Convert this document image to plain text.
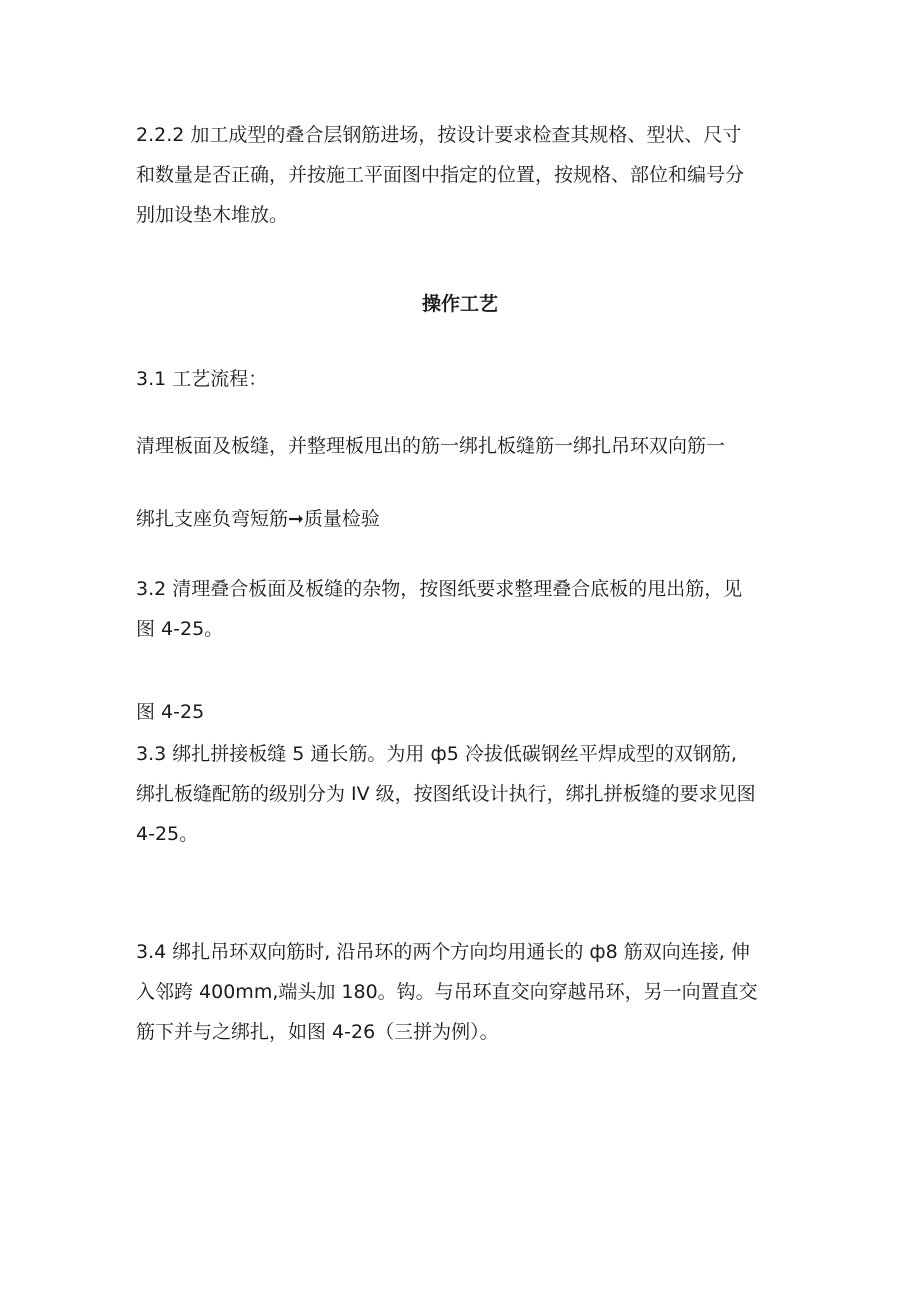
2.2.2 加工成型的叠合层钢筋进场，按设计要求检查其规格、型状、尺寸
和数量是否正确，并按施工平面图中指定的位置，按规格、部位和编号分
别加设垫木堆放。

操作工艺

3.1 工艺流程：

清理板面及板缝，并整理板甩出的筋一绑扎板缝筋一绑扎吊环双向筋一

绑扎支座负弯短筋➞质量检验

3.2 清理叠合板面及板缝的杂物，按图纸要求整理叠合底板的甩出筋，见
图 4-25。

图 4-25

3.3 绑扎拼接板缝 5 通长筋。为用 ф5 冷拔低碳钢丝平焊成型的双钢筋,
绑扎板缝配筋的级别分为 IV 级，按图纸设计执行，绑扎拼板缝的要求见图
4-25。

3.4 绑扎吊环双向筋时, 沿吊环的两个方向均用通长的 ф8 筋双向连接, 伸
入邻跨 400mm,端头加 180。钩。与吊环直交向穿越吊环，另一向置直交
筋下并与之绑扎，如图 4-26（三拼为例）。
